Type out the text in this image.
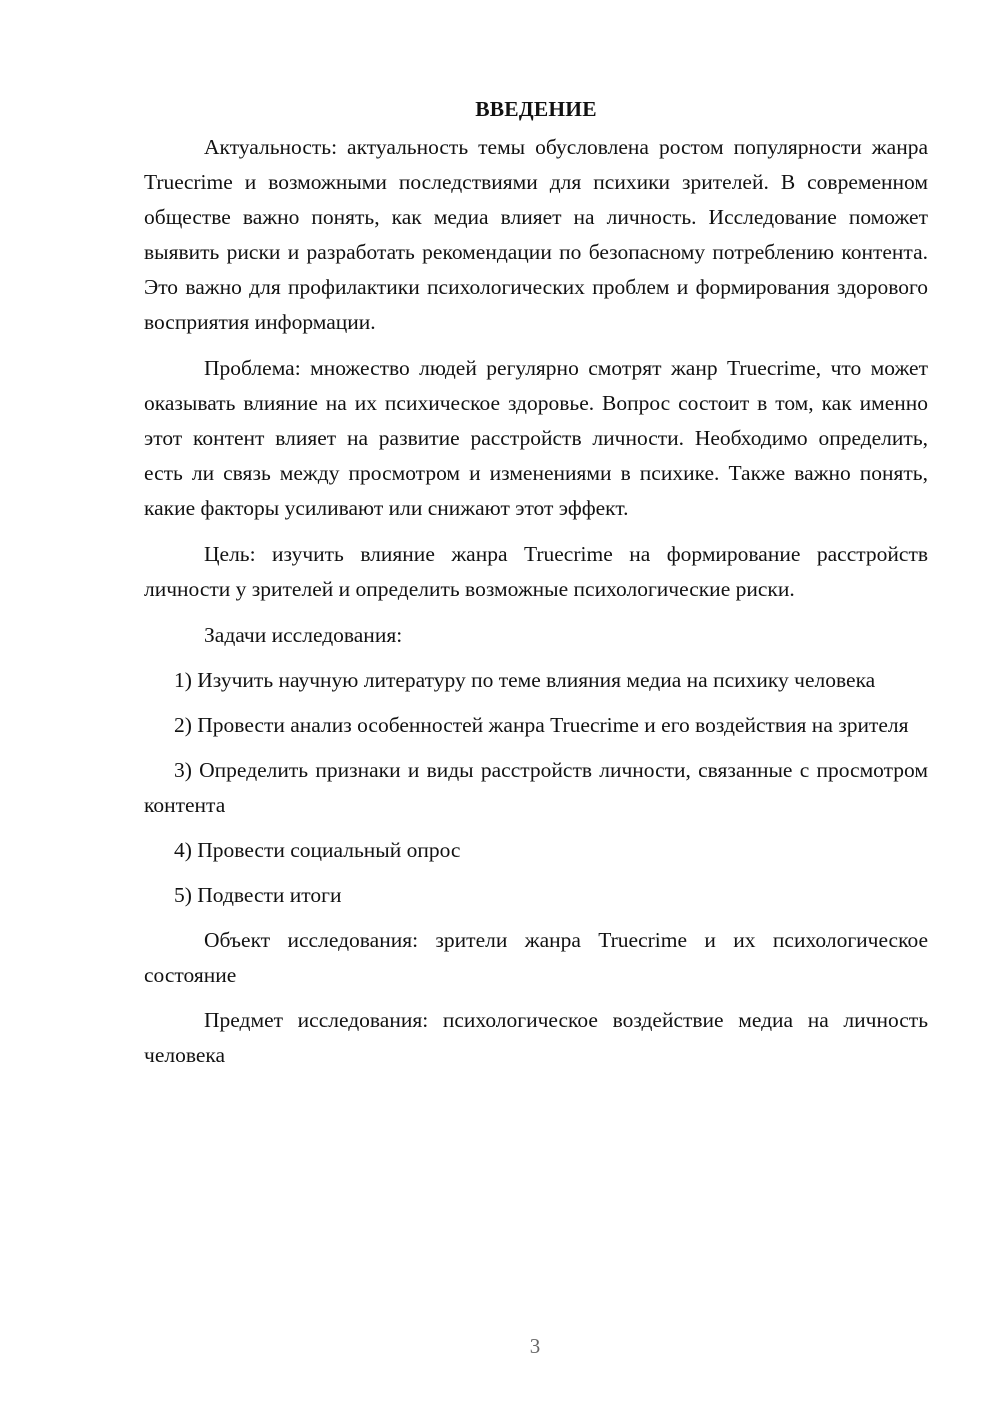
ВВЕДЕНИЕ

Актуальность: актуальность темы обусловлена ростом популярности жанра Truecrime и возможными последствиями для психики зрителей. В современном обществе важно понять, как медиа влияет на личность. Исследование поможет выявить риски и разработать рекомендации по безопасному потреблению контента. Это важно для профилактики психологических проблем и формирования здорового восприятия информации.

Проблема: множество людей регулярно смотрят жанр Truecrime, что может оказывать влияние на их психическое здоровье. Вопрос состоит в том, как именно этот контент влияет на развитие расстройств личности. Необходимо определить, есть ли связь между просмотром и изменениями в психике. Также важно понять, какие факторы усиливают или снижают этот эффект.

Цель: изучить влияние жанра Truecrime на формирование расстройств личности у зрителей и определить возможные психологические риски.

Задачи исследования:

1) Изучить научную литературу по теме влияния медиа на психику человека

2) Провести анализ особенностей жанра Truecrime и его воздействия на зрителя

3) Определить признаки и виды расстройств личности, связанные с просмотром контента

4) Провести социальный опрос

5) Подвести итоги

Объект исследования: зрители жанра Truecrime и их психологическое состояние

Предмет исследования: психологическое воздействие медиа на личность человека

3
